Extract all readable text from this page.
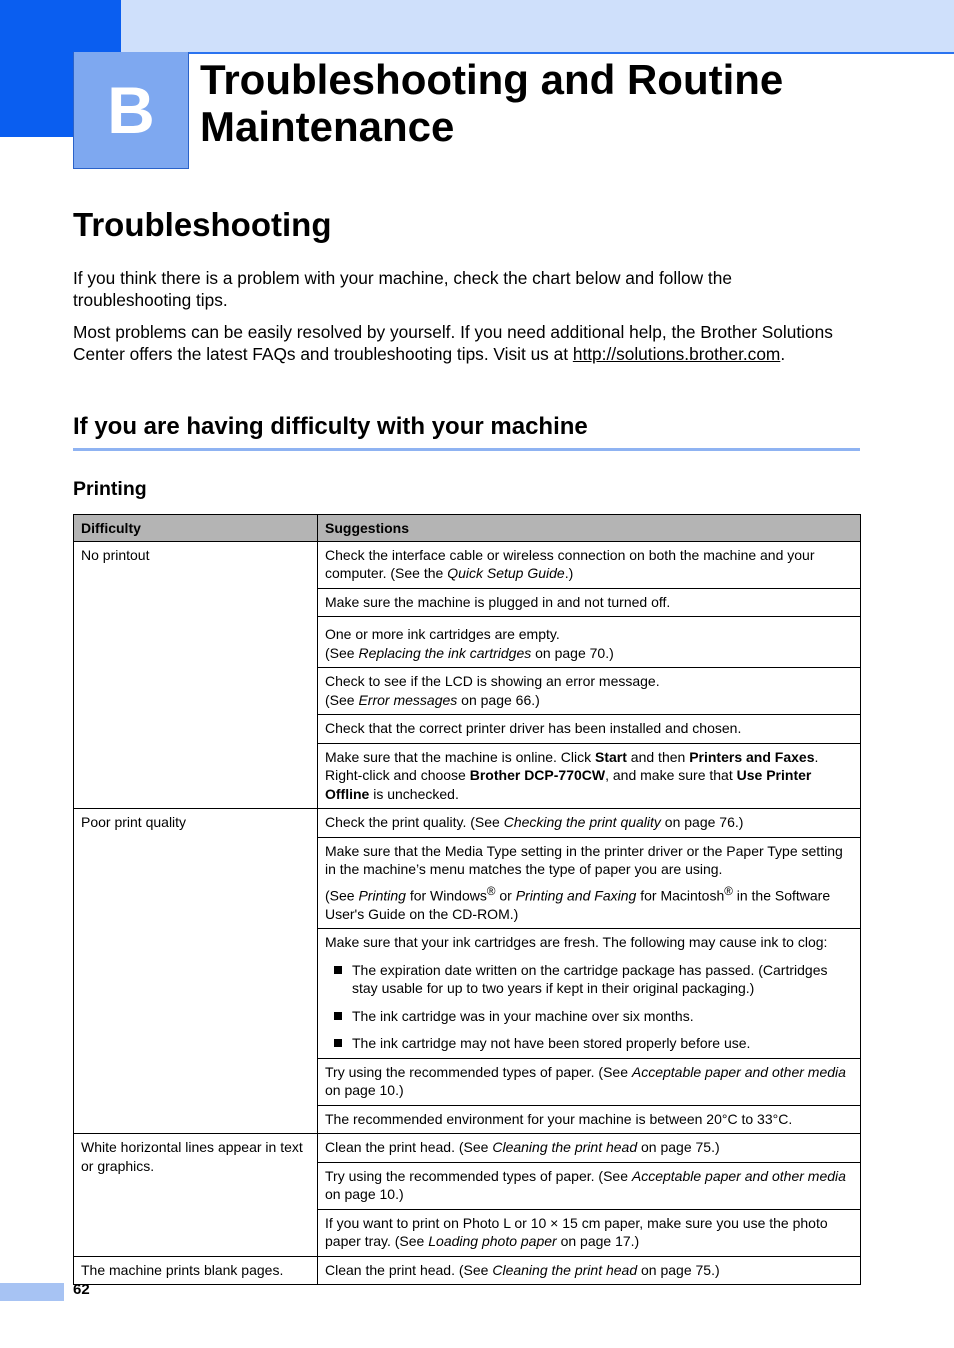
B Troubleshooting and Routine
Maintenance
Troubleshooting

If you think there is a problem with your machine, check the chart below and follow the troubleshooting tips.

Most problems can be easily resolved by yourself. If you need additional help, the Brother Solutions Center offers the latest FAQs and troubleshooting tips. Visit us at http://solutions.brother.com.

If you are having difficulty with your machine
Printing
Difficulty	Suggestions
No printout	Check the interface cable or wireless connection on both the machine and your computer. (See the Quick Setup Guide.)
	Make sure the machine is plugged in and not turned off.
	One or more ink cartridges are empty.
(See Replacing the ink cartridges on page 70.)
	Check to see if the LCD is showing an error message.
(See Error messages on page 66.)
	Check that the correct printer driver has been installed and chosen.
	Make sure that the machine is online. Click Start and then Printers and Faxes. Right-click and choose Brother DCP-770CW, and make sure that Use Printer Offline is unchecked.
Poor print quality	Check the print quality. (See Checking the print quality on page 76.)

	Make sure that the Media Type setting in the printer driver or the Paper Type setting in the machine’s menu matches the type of paper you are using.
(See Printing for Windows® or Printing and Faxing for Macintosh® in the Software User's Guide on the CD-ROM.)

	Make sure that your ink cartridges are fresh. The following may cause ink to clog:
The expiration date written on the cartridge package has passed. (Cartridges stay usable for up to two years if kept in their original packaging.)
The ink cartridge was in your machine over six months.
The ink cartridge may not have been stored properly before use.

	Try using the recommended types of paper. (See Acceptable paper and other media on page 10.)
	The recommended environment for your machine is between 20°C to 33°C.
White horizontal lines appear in text or graphics.	Clean the print head. (See Cleaning the print head on page 75.)
	Try using the recommended types of paper. (See Acceptable paper and other media on page 10.)
	If you want to print on Photo L or 10 × 15 cm paper, make sure you use the photo paper tray. (See Loading photo paper on page 17.)
The machine prints blank pages.	Clean the print head. (See Cleaning the print head on page 75.)
62
